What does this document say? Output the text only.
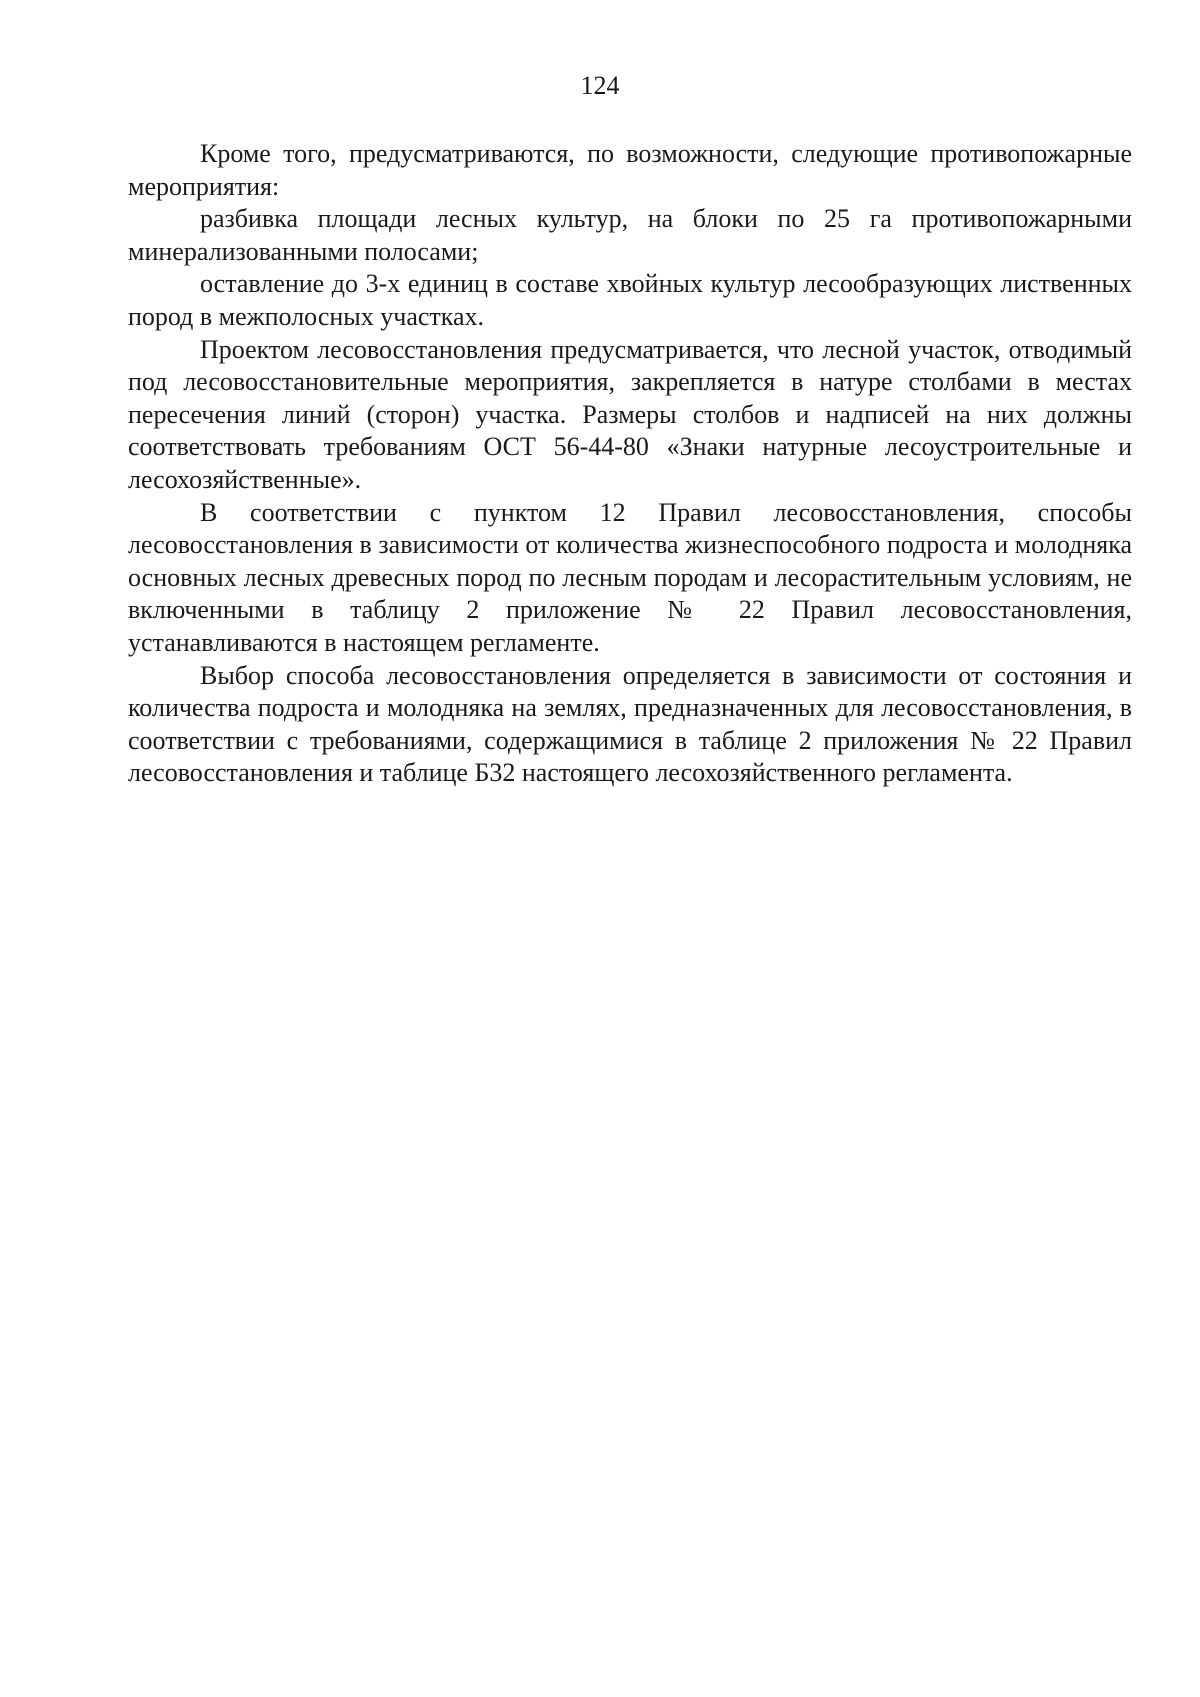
124

Кроме того, предусматриваются, по возможности, следующие противопожарные мероприятия:

разбивка площади лесных культур, на блоки по 25 га противопожарными минерализованными полосами;

оставление до 3-х единиц в составе хвойных культур лесообразующих лиственных пород в межполосных участках.

Проектом лесовосстановления предусматривается, что лесной участок, отводимый под лесовосстановительные мероприятия, закрепляется в натуре столбами в местах пересечения линий (сторон) участка. Размеры столбов и надписей на них должны соответствовать требованиям ОСТ 56-44-80 «Знаки натурные лесоустроительные и лесохозяйственные».

В соответствии с пунктом 12 Правил лесовосстановления, способы лесовосстановления в зависимости от количества жизнеспособного подроста и молодняка основных лесных древесных пород по лесным породам и лесорастительным условиям, не включенными в таблицу 2 приложение № 22 Правил лесовосстановления, устанавливаются в настоящем регламенте.

Выбор способа лесовосстановления определяется в зависимости от состояния и количества подроста и молодняка на землях, предназначенных для лесовосстановления, в соответствии с требованиями, содержащимися в таблице 2 приложения № 22 Правил лесовосстановления и таблице Б32 настоящего лесохозяйственного регламента.
